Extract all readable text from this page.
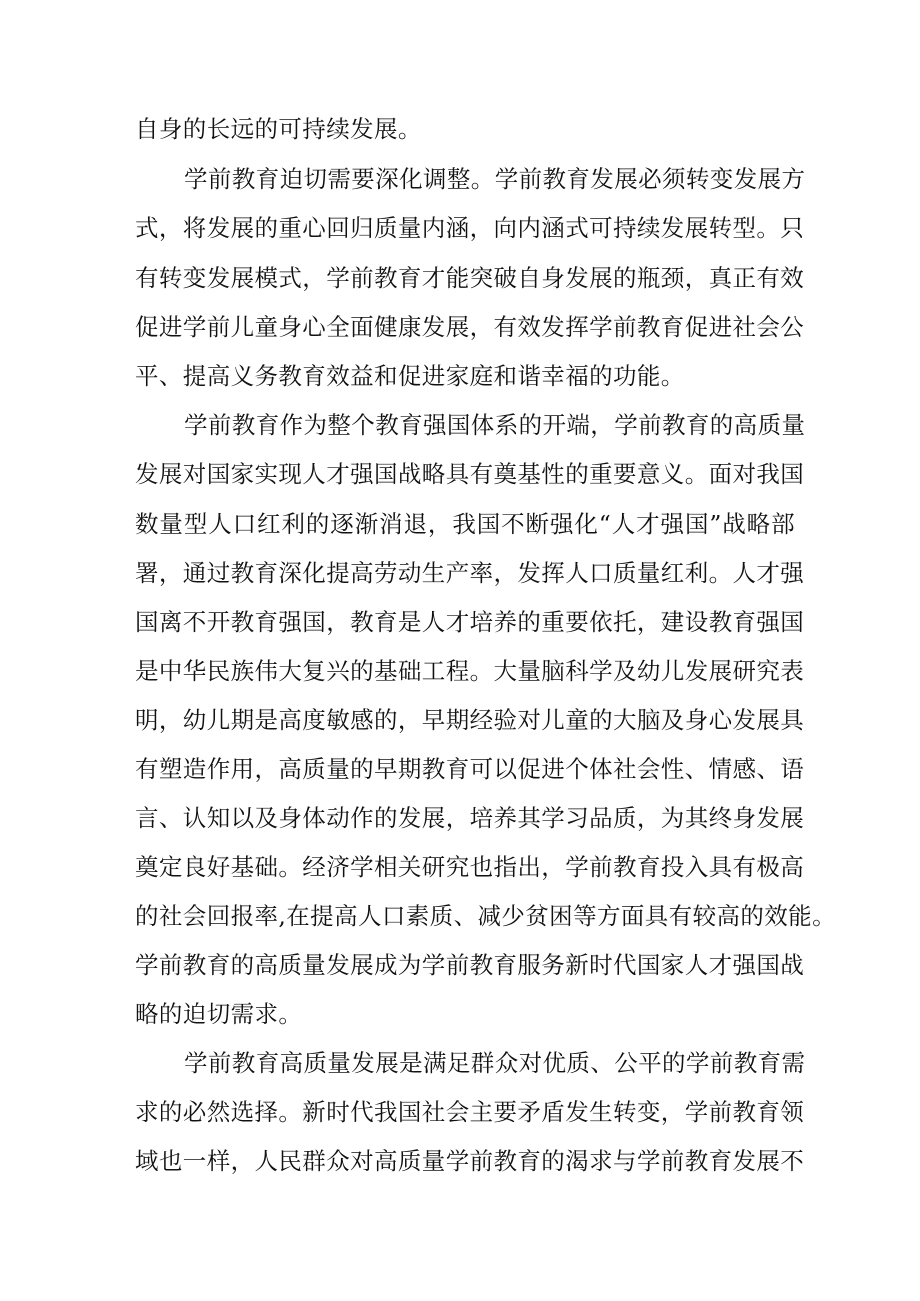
自身的长远的可持续发展。
学前教育迫切需要深化调整。学前教育发展必须转变发展方
式，将发展的重心回归质量内涵，向内涵式可持续发展转型。只
有转变发展模式，学前教育才能突破自身发展的瓶颈，真正有效
促进学前儿童身心全面健康发展，有效发挥学前教育促进社会公
平、提高义务教育效益和促进家庭和谐幸福的功能。
学前教育作为整个教育强国体系的开端，学前教育的高质量
发展对国家实现人才强国战略具有奠基性的重要意义。面对我国
数量型人口红利的逐渐消退，我国不断强化“人才强国”战略部
署，通过教育深化提高劳动生产率，发挥人口质量红利。人才强
国离不开教育强国，教育是人才培养的重要依托，建设教育强国
是中华民族伟大复兴的基础工程。大量脑科学及幼儿发展研究表
明，幼儿期是高度敏感的，早期经验对儿童的大脑及身心发展具
有塑造作用，高质量的早期教育可以促进个体社会性、情感、语
言、认知以及身体动作的发展，培养其学习品质，为其终身发展
奠定良好基础。经济学相关研究也指出，学前教育投入具有极高
的社会回报率,在提高人口素质、减少贫困等方面具有较高的效能。
学前教育的高质量发展成为学前教育服务新时代国家人才强国战
略的迫切需求。
学前教育高质量发展是满足群众对优质、公平的学前教育需
求的必然选择。新时代我国社会主要矛盾发生转变，学前教育领
域也一样，人民群众对高质量学前教育的渴求与学前教育发展不
